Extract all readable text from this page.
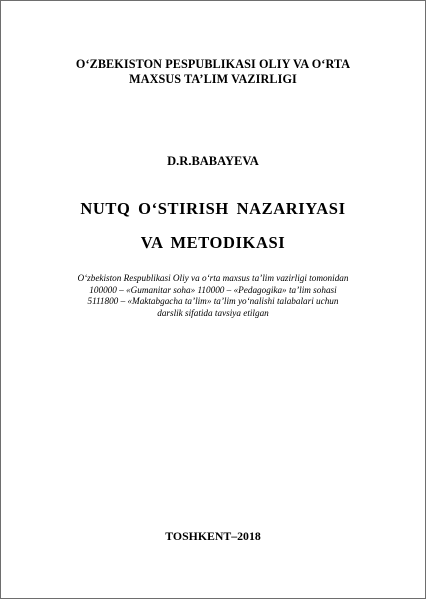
O‘ZBEKISTON PESPUBLIKASI OLIY VA O‘RTA
MAXSUS TA’LIM VAZIRLIGI
D.R.BABAYEVA
NUTQ O‘STIRISH NAZARIYASI
VA METODIKASI
O‘zbekiston Respublikasi Oliy va o‘rta maxsus ta’lim vazirligi tomonidan
100000 – «Gumanitar soha» 110000 – «Pedagogika» ta’lim sohasi
5111800 – «Maktabgacha ta’lim» ta’lim yo‘nalishi talabalari uchun
darslik sifatida tavsiya etilgan
TOSHKENT–2018
